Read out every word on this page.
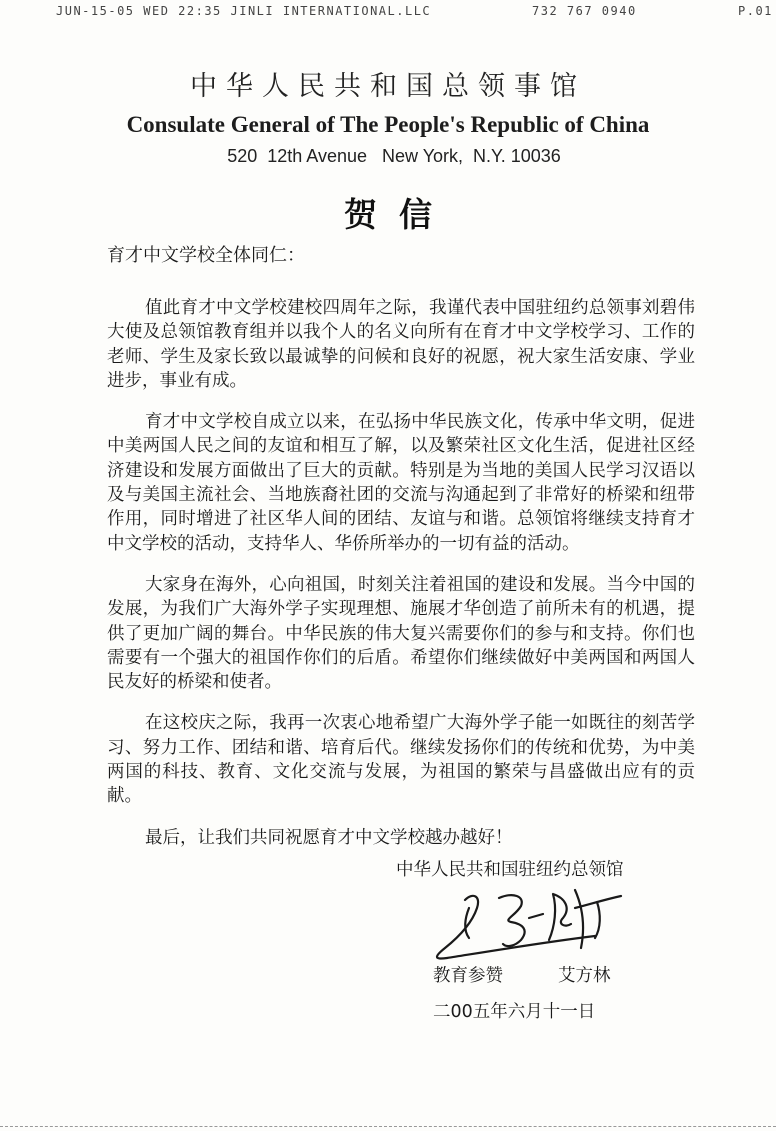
JUN-15-05 WED 22:35 JINLI INTERNATIONAL.LLC	732 767 0940	P.01
中华人民共和国总领事馆
Consulate General of The People's Republic of China
520  12th Avenue   New York,  N.Y. 10036
贺信
育才中文学校全体同仁：

值此育才中文学校建校四周年之际，我谨代表中国驻纽约总领事刘碧伟大使及总领馆教育组并以我个人的名义向所有在育才中文学校学习、工作的老师、学生及家长致以最诚挚的问候和良好的祝愿，祝大家生活安康、学业进步，事业有成。

育才中文学校自成立以来，在弘扬中华民族文化，传承中华文明，促进中美两国人民之间的友谊和相互了解，以及繁荣社区文化生活，促进社区经济建设和发展方面做出了巨大的贡献。特别是为当地的美国人民学习汉语以及与美国主流社会、当地族裔社团的交流与沟通起到了非常好的桥梁和纽带作用，同时增进了社区华人间的团结、友谊与和谐。总领馆将继续支持育才中文学校的活动，支持华人、华侨所举办的一切有益的活动。

大家身在海外，心向祖国，时刻关注着祖国的建设和发展。当今中国的发展，为我们广大海外学子实现理想、施展才华创造了前所未有的机遇，提供了更加广阔的舞台。中华民族的伟大复兴需要你们的参与和支持。你们也需要有一个强大的祖国作你们的后盾。希望你们继续做好中美两国和两国人民友好的桥梁和使者。

在这校庆之际，我再一次衷心地希望广大海外学子能一如既往的刻苦学习、努力工作、团结和谐、培育后代。继续发扬你们的传统和优势，为中美两国的科技、教育、文化交流与发展，为祖国的繁荣与昌盛做出应有的贡献。

最后，让我们共同祝愿育才中文学校越办越好！

中华人民共和国驻纽约总领馆
教育参赞	艾方林
二00五年六月十一日
